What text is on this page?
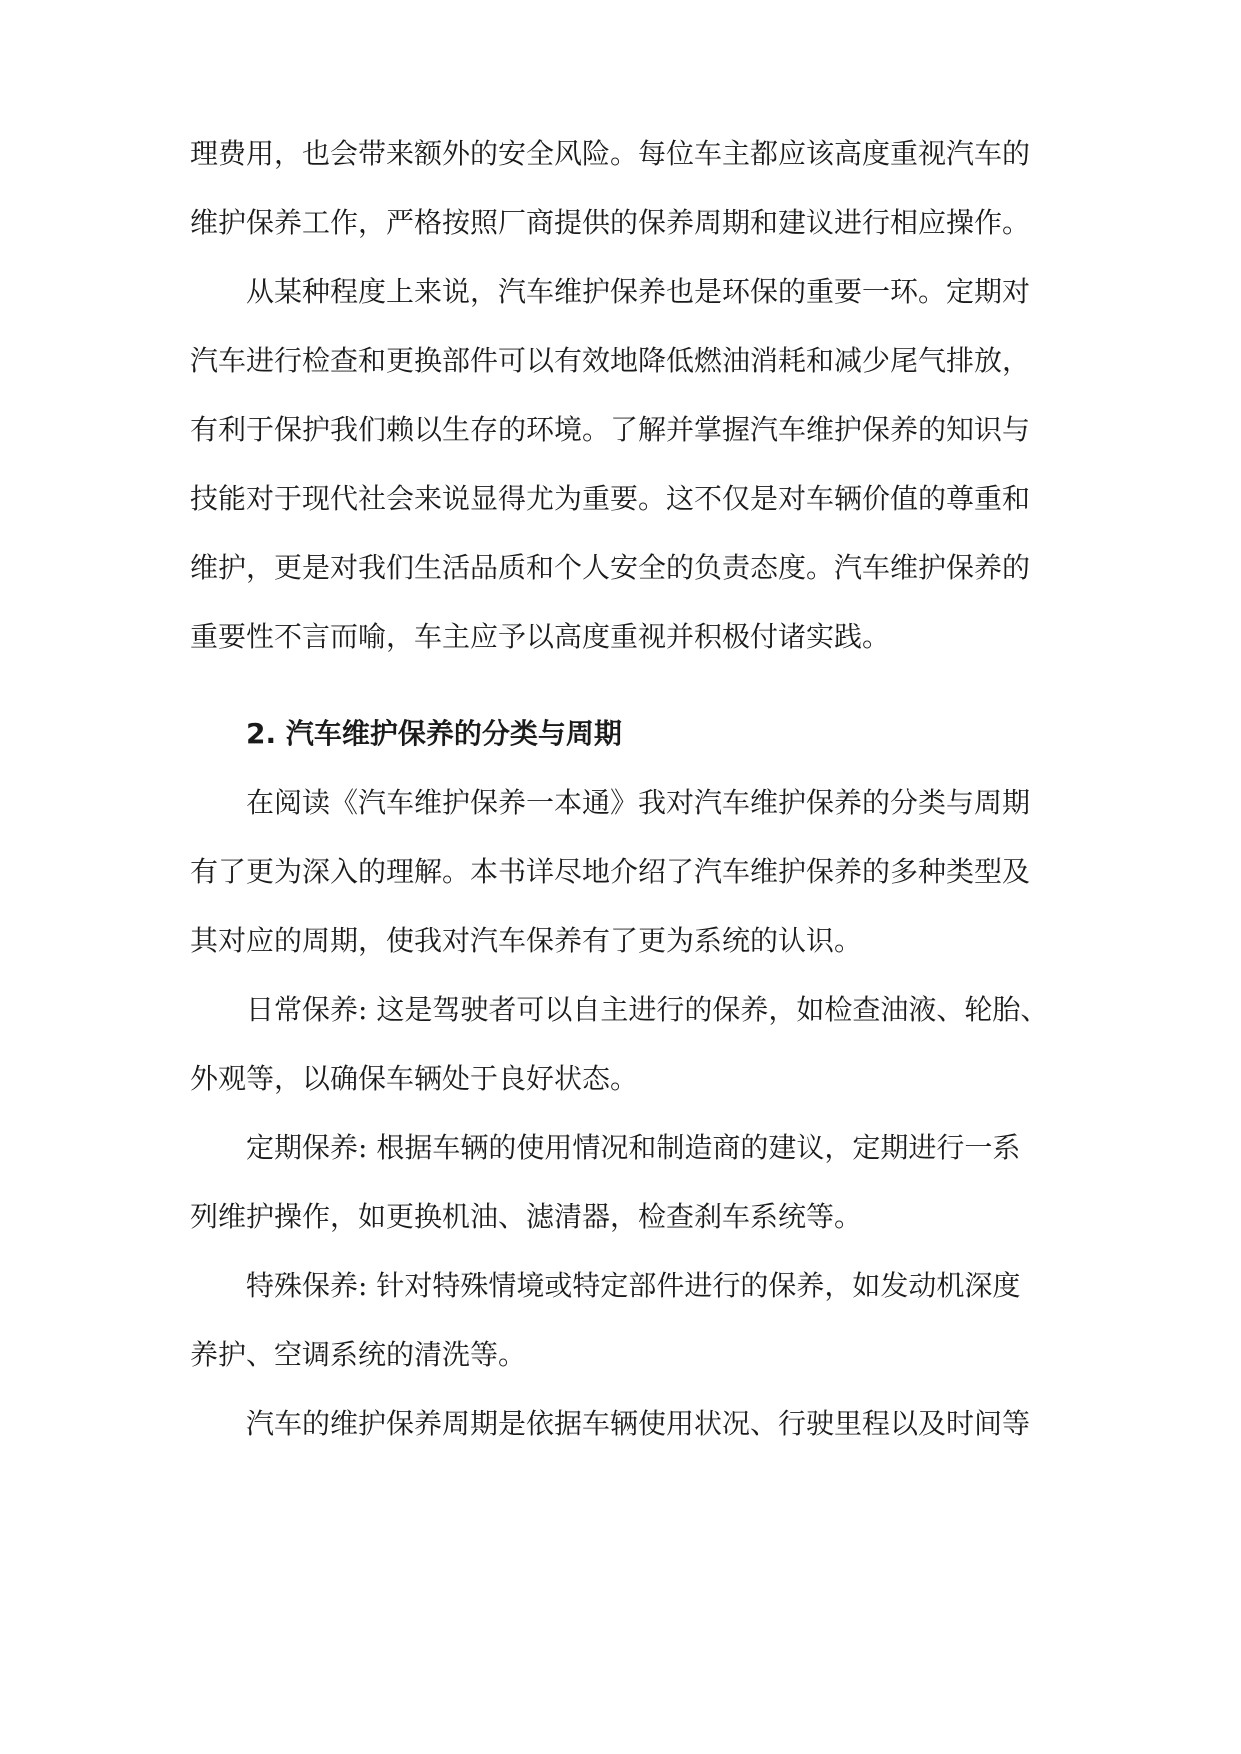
理费用，也会带来额外的安全风险。每位车主都应该高度重视汽车的
维护保养工作，严格按照厂商提供的保养周期和建议进行相应操作。
从某种程度上来说，汽车维护保养也是环保的重要一环。定期对
汽车进行检查和更换部件可以有效地降低燃油消耗和减少尾气排放，
有利于保护我们赖以生存的环境。了解并掌握汽车维护保养的知识与
技能对于现代社会来说显得尤为重要。这不仅是对车辆价值的尊重和
维护，更是对我们生活品质和个人安全的负责态度。汽车维护保养的
重要性不言而喻，车主应予以高度重视并积极付诸实践。
2. 汽车维护保养的分类与周期
在阅读《汽车维护保养一本通》我对汽车维护保养的分类与周期
有了更为深入的理解。本书详尽地介绍了汽车维护保养的多种类型及
其对应的周期，使我对汽车保养有了更为系统的认识。
日常保养: 这是驾驶者可以自主进行的保养，如检查油液、轮胎、
外观等，以确保车辆处于良好状态。
定期保养: 根据车辆的使用情况和制造商的建议，定期进行一系
列维护操作，如更换机油、滤清器，检查刹车系统等。
特殊保养: 针对特殊情境或特定部件进行的保养，如发动机深度
养护、空调系统的清洗等。
汽车的维护保养周期是依据车辆使用状况、行驶里程以及时间等
